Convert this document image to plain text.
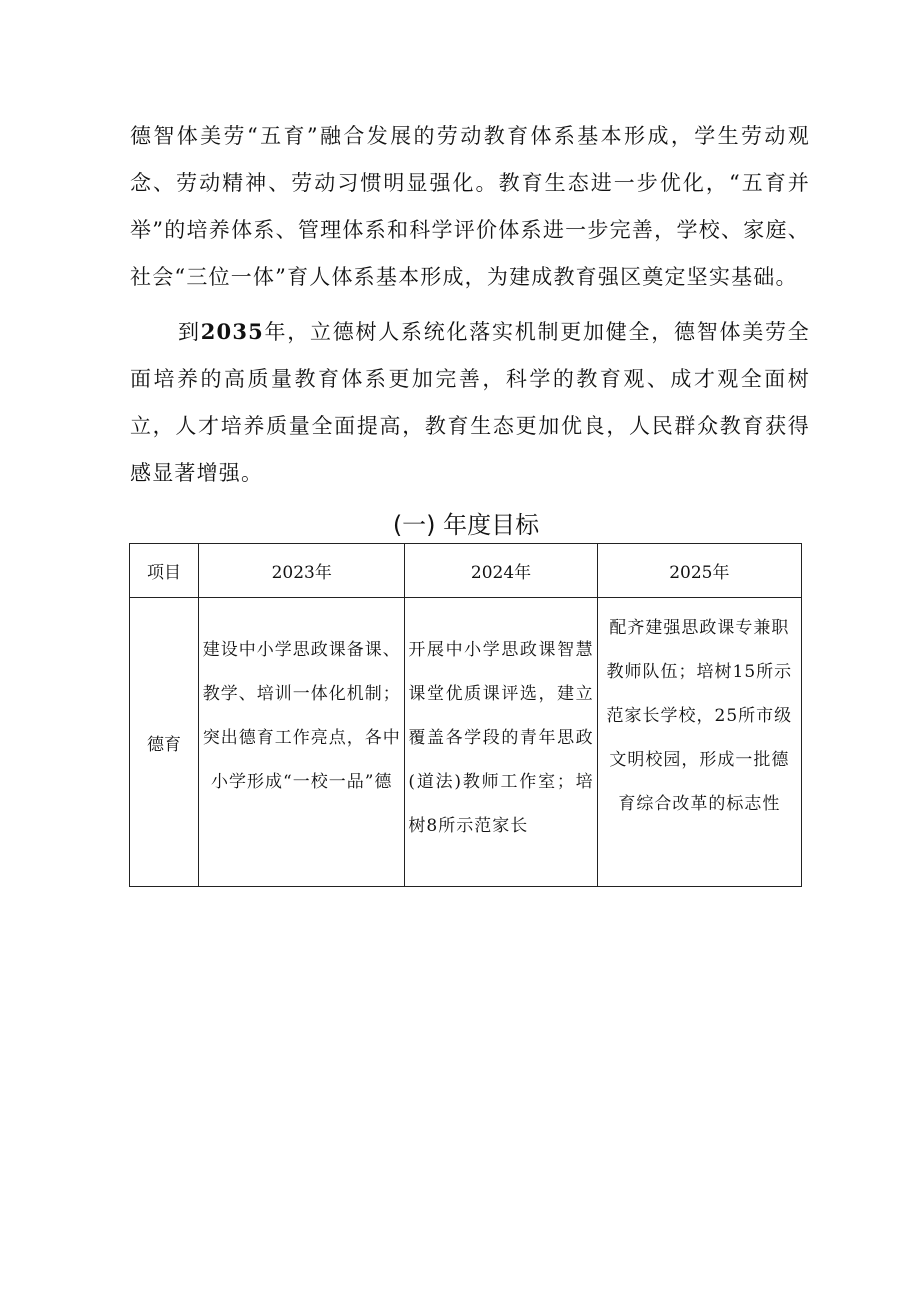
德智体美劳“五育”融合发展的劳动教育体系基本形成，学生劳动观念、劳动精神、劳动习惯明显强化。教育生态进一步优化，“五育并举”的培养体系、管理体系和科学评价体系进一步完善，学校、家庭、社会“三位一体”育人体系基本形成，为建成教育强区奠定坚实基础。

到2035年，立德树人系统化落实机制更加健全，德智体美劳全面培养的高质量教育体系更加完善，科学的教育观、成才观全面树立，人才培养质量全面提高，教育生态更加优良，人民群众教育获得感显著增强。

(一) 年度目标
项目	2023年	2024年	2025年
德育	建设中小学思政课备课、教学、培训一体化机制；突出德育工作亮点，各中小学形成“一校一品”德	开展中小学思政课智慧课堂优质课评选，建立覆盖各学段的青年思政(道法)教师工作室；培树8所示范家长	配齐建强思政课专兼职教师队伍；培树15所示范家长学校，25所市级文明校园，形成一批德育综合改革的标志性
